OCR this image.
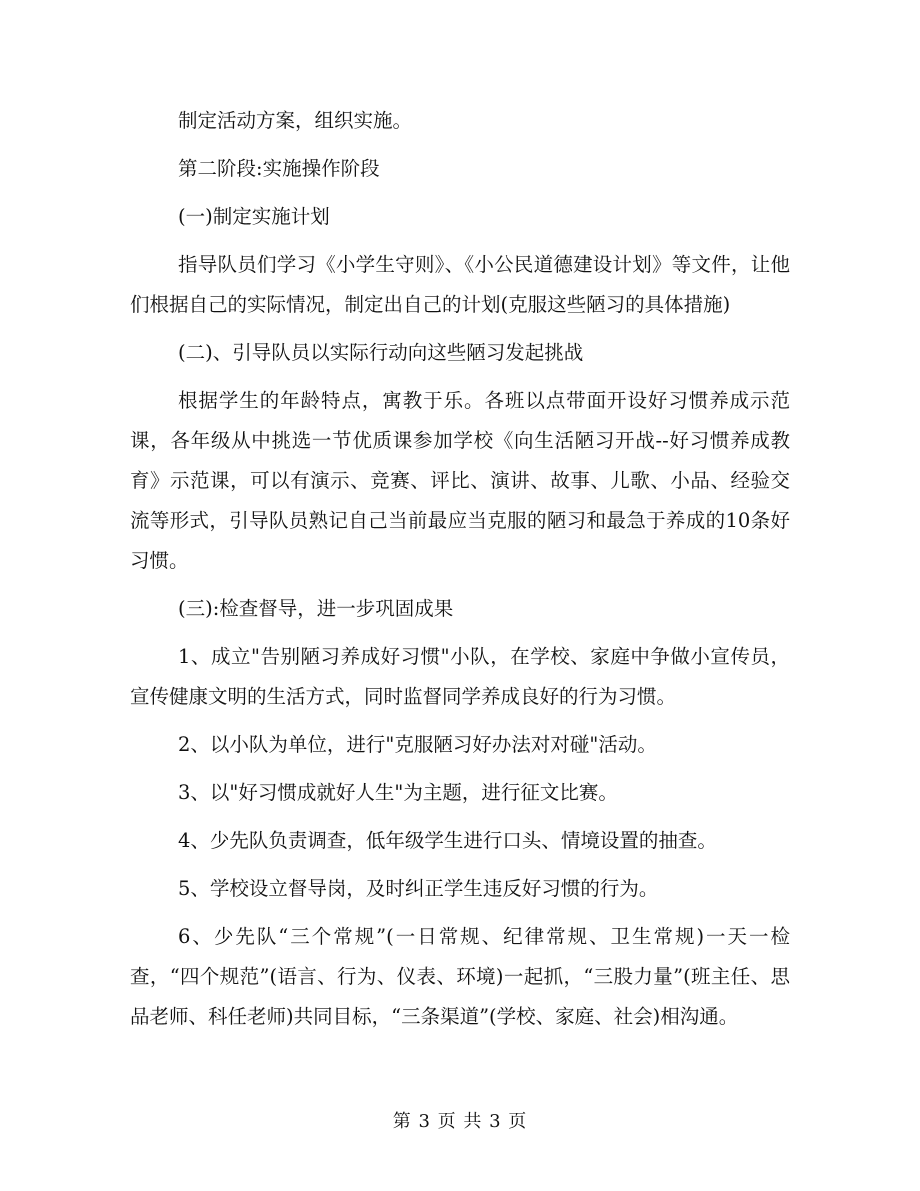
制定活动方案，组织实施。

第二阶段:实施操作阶段

(一)制定实施计划

指导队员们学习《小学生守则》、《小公民道德建设计划》等文件，让他们根据自己的实际情况，制定出自己的计划(克服这些陋习的具体措施)

(二)、引导队员以实际行动向这些陋习发起挑战

根据学生的年龄特点，寓教于乐。各班以点带面开设好习惯养成示范课，各年级从中挑选一节优质课参加学校《向生活陋习开战--好习惯养成教育》示范课，可以有演示、竞赛、评比、演讲、故事、儿歌、小品、经验交流等形式，引导队员熟记自己当前最应当克服的陋习和最急于养成的10条好习惯。

(三):检查督导，进一步巩固成果

1、成立"告别陋习养成好习惯"小队，在学校、家庭中争做小宣传员，宣传健康文明的生活方式，同时监督同学养成良好的行为习惯。

2、以小队为单位，进行"克服陋习好办法对对碰"活动。

3、以"好习惯成就好人生"为主题，进行征文比赛。

4、少先队负责调查，低年级学生进行口头、情境设置的抽查。

5、学校设立督导岗，及时纠正学生违反好习惯的行为。

6、少先队“三个常规”(一日常规、纪律常规、卫生常规)一天一检查，“四个规范”(语言、行为、仪表、环境)一起抓，“三股力量”(班主任、思品老师、科任老师)共同目标，“三条渠道”(学校、家庭、社会)相沟通。

第 3 页 共 3 页
